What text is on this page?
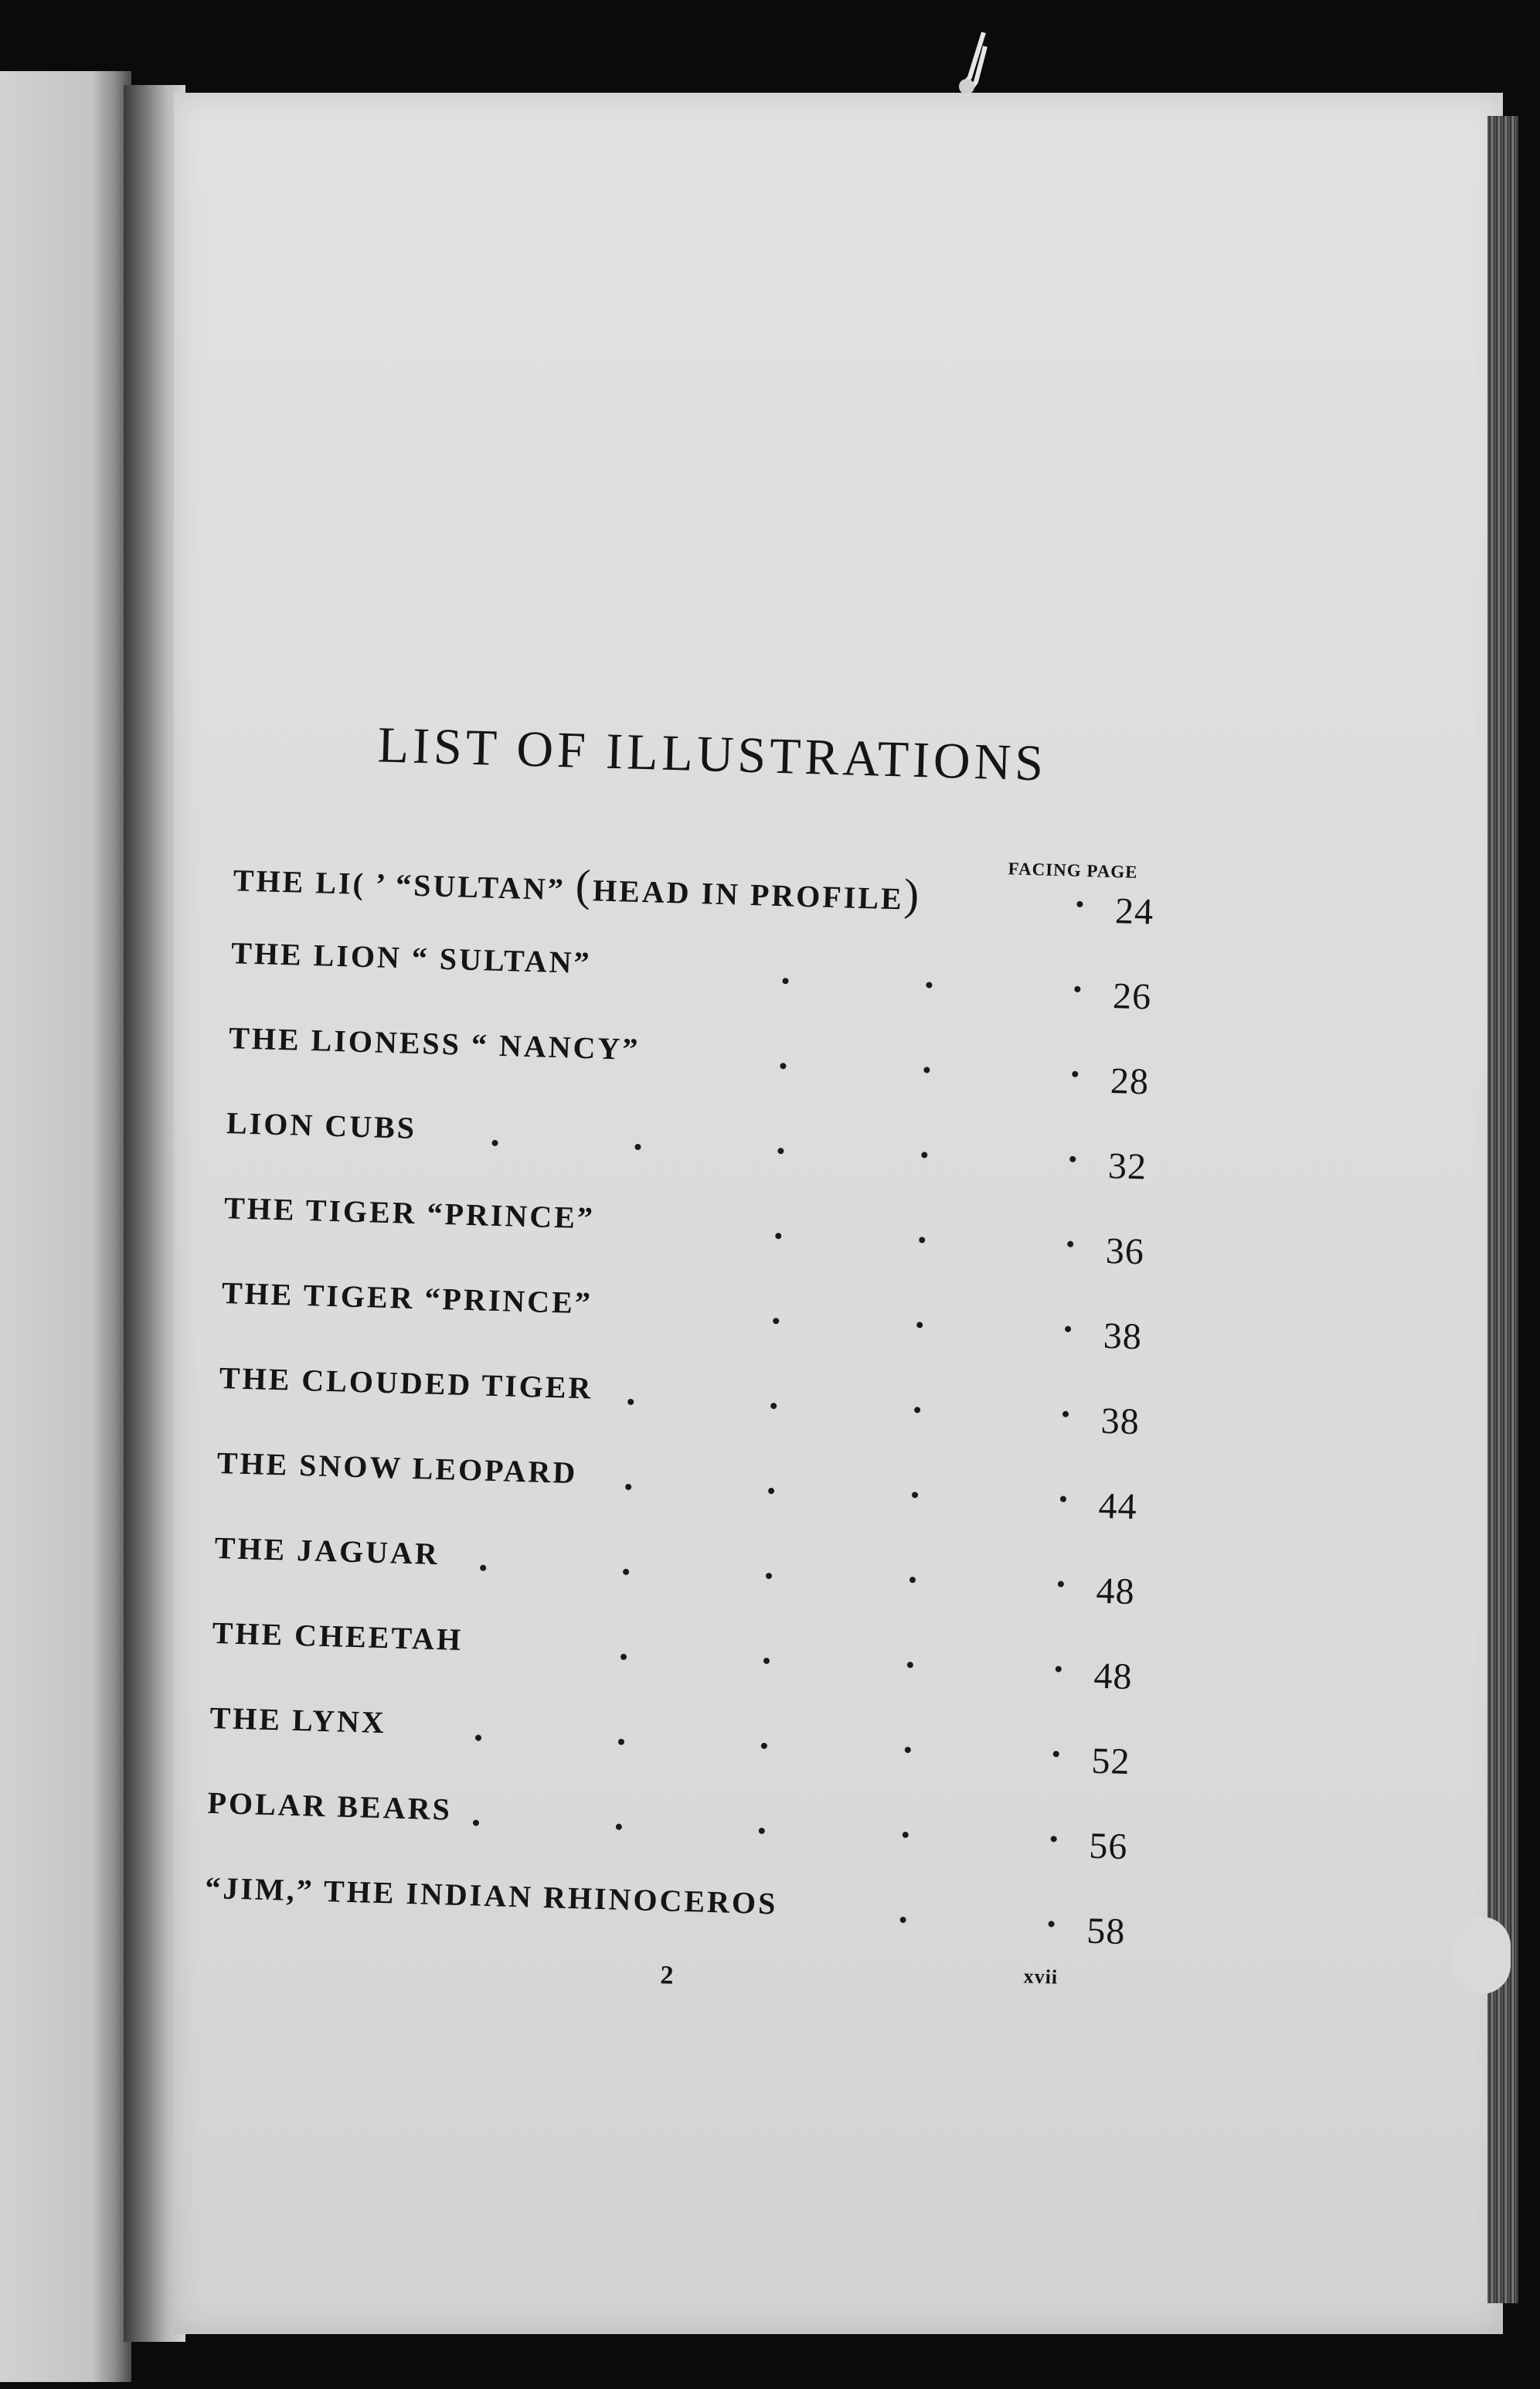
LIST OF ILLUSTRATIONS
FACING PAGE
THE LI( ’ “SULTAN” (HEAD IN PROFILE)	24
THE LION “ SULTAN”
26
THE LIONESS “ NANCY”
28
LION CUBS
32
THE TIGER “PRINCE”
36
THE TIGER “PRINCE”
38
THE CLOUDED TIGER
38
THE SNOW LEOPARD
44
THE JAGUAR
48
THE CHEETAH
48
THE LYNX
52
POLAR BEARS
56
“JIM,” THE INDIAN RHINOCEROS
58
2	xvii
